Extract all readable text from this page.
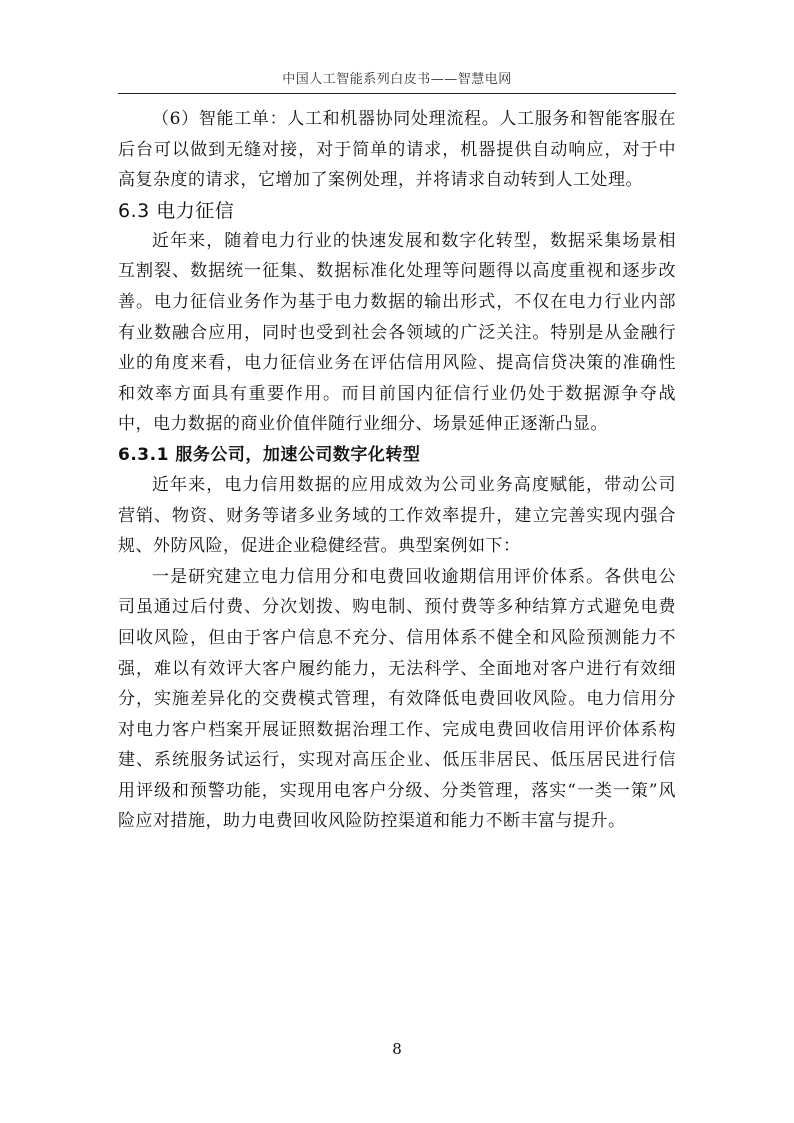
中国人工智能系列白皮书——智慧电网

（6）智能工单：人工和机器协同处理流程。人工服务和智能客服在后台可以做到无缝对接，对于简单的请求，机器提供自动响应，对于中高复杂度的请求，它增加了案例处理，并将请求自动转到人工处理。

6.3 电力征信

近年来，随着电力行业的快速发展和数字化转型，数据采集场景相互割裂、数据统一征集、数据标准化处理等问题得以高度重视和逐步改善。电力征信业务作为基于电力数据的输出形式，不仅在电力行业内部有业数融合应用，同时也受到社会各领域的广泛关注。特别是从金融行业的角度来看，电力征信业务在评估信用风险、提高信贷决策的准确性和效率方面具有重要作用。而目前国内征信行业仍处于数据源争夺战中，电力数据的商业价值伴随行业细分、场景延伸正逐渐凸显。

6.3.1 服务公司，加速公司数字化转型

近年来，电力信用数据的应用成效为公司业务高度赋能，带动公司营销、物资、财务等诸多业务域的工作效率提升，建立完善实现内强合规、外防风险，促进企业稳健经营。典型案例如下：

一是研究建立电力信用分和电费回收逾期信用评价体系。各供电公司虽通过后付费、分次划拨、购电制、预付费等多种结算方式避免电费回收风险，但由于客户信息不充分、信用体系不健全和风险预测能力不强，难以有效评大客户履约能力，无法科学、全面地对客户进行有效细分，实施差异化的交费模式管理，有效降低电费回收风险。电力信用分对电力客户档案开展证照数据治理工作、完成电费回收信用评价体系构建、系统服务试运行，实现对高压企业、低压非居民、低压居民进行信用评级和预警功能，实现用电客户分级、分类管理，落实“一类一策”风险应对措施，助力电费回收风险防控渠道和能力不断丰富与提升。

8
